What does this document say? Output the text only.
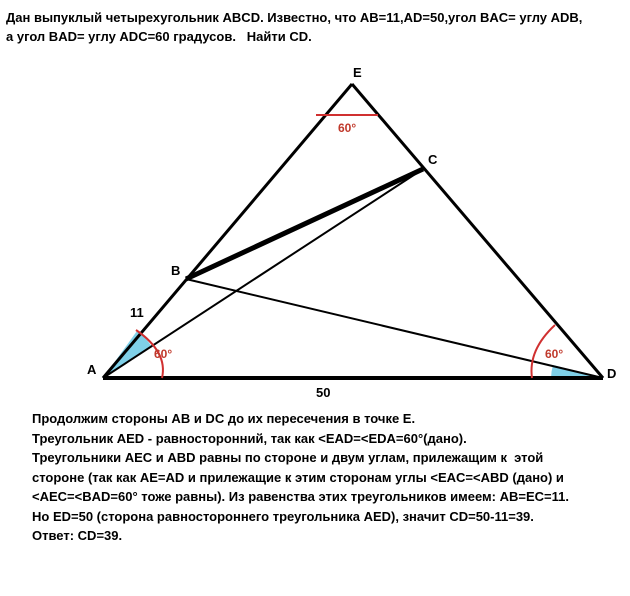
Дан выпуклый четырехугольник ABCD. Известно, что AB=11,AD=50,угол BAC= углу ADB,

а угол BAD= углу ADC=60 градусов.   Найти CD.

E
C
B
A	D
11
50
60°
60°	60°

Продолжим стороны AB и DC до их пересечения в точке E.

Треугольник AED - равносторонний, так как <EAD=<EDA=60°(дано).

Треугольники AEC и ABD равны по стороне и двум углам, прилежащим к  этой

стороне (так как AE=AD и прилежащие к этим сторонам углы <EAC=<ABD (дано) и

<AEC=<BAD=60° тоже равны). Из равенства этих треугольников имеем: AB=EC=11.

Но ED=50 (сторона равностороннего треугольника AED), значит CD=50-11=39.

Ответ: CD=39.
